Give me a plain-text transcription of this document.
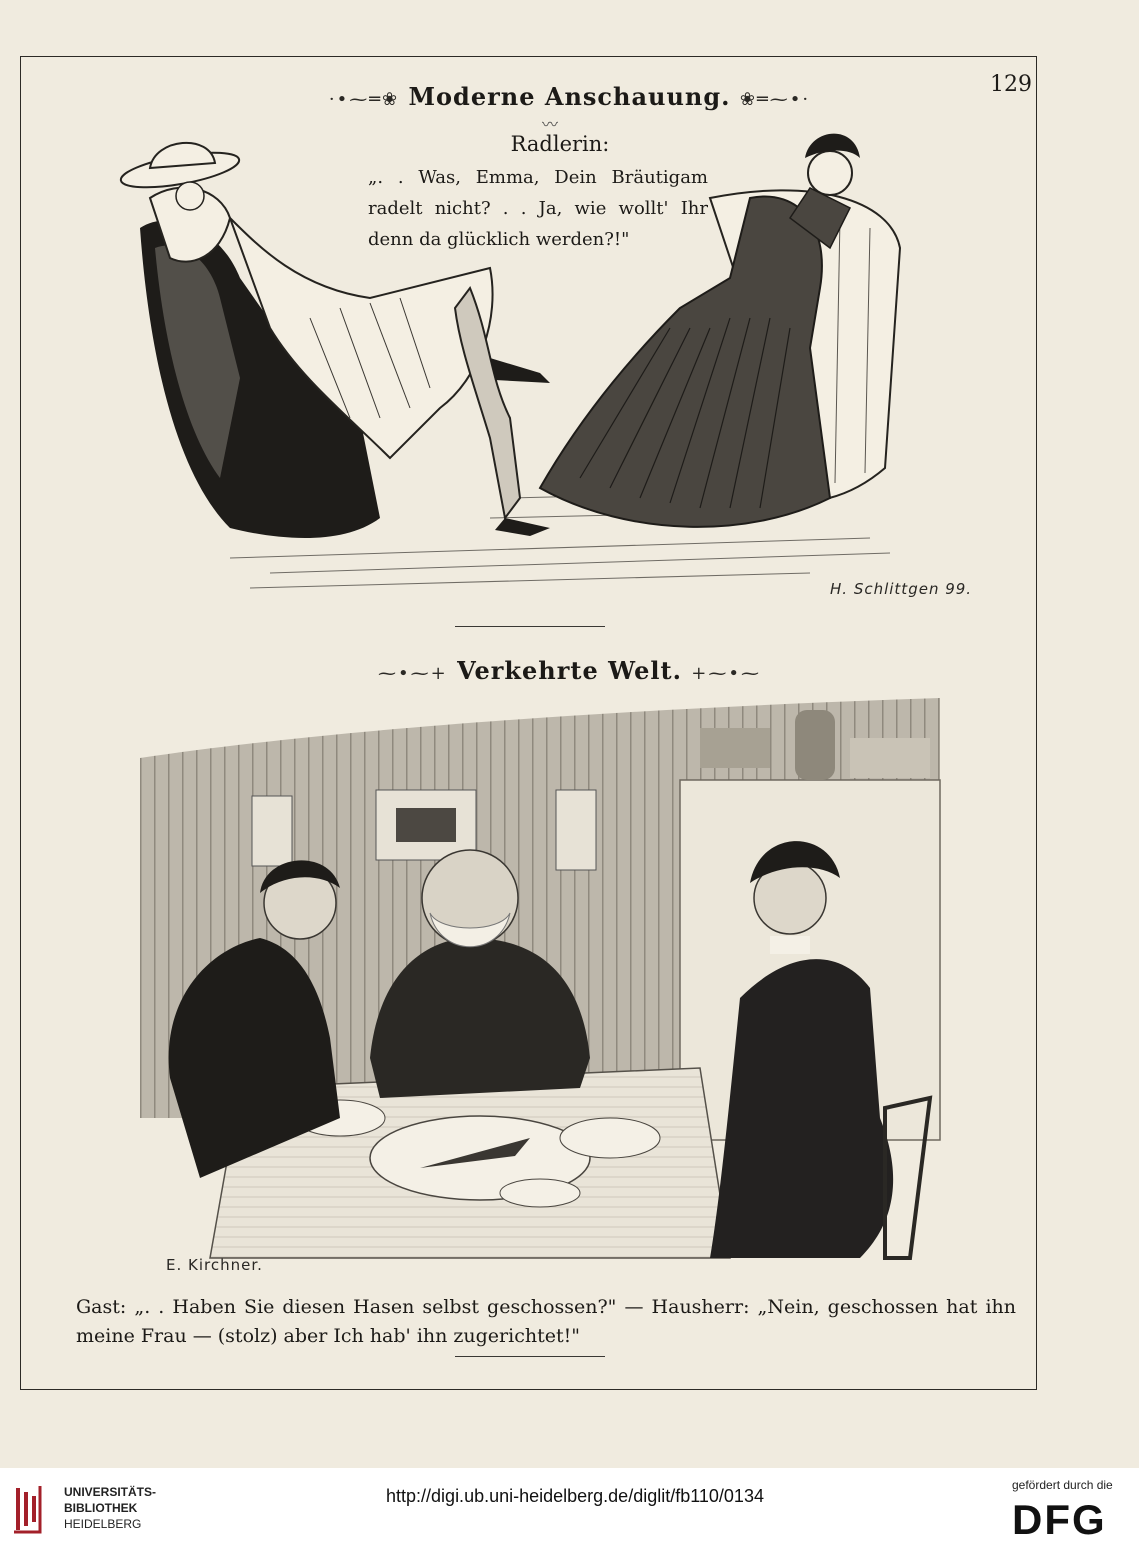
129
·•⁓═❀ Moderne Anschauung. ❀═⁓•·
〰
Radlerin:
„. . Was, Emma, Dein Bräutigam radelt nicht? . . Ja, wie wollt' Ihr denn da glücklich werden?!"
H. Schlittgen 99.
⁓•⁓+ Verkehrte Welt. +⁓•⁓
E. Kirchner.
Gast: „. . Haben Sie diesen Hasen selbst geschossen?" — Hausherr: „Nein, geschossen hat ihn meine Frau — (stolz) aber Ich hab' ihn zugerichtet!"
UNIVERSITÄTS-
BIBLIOTHEK
HEIDELBERG
http://digi.ub.uni-heidelberg.de/diglit/fb110/0134
gefördert durch die
DFG
